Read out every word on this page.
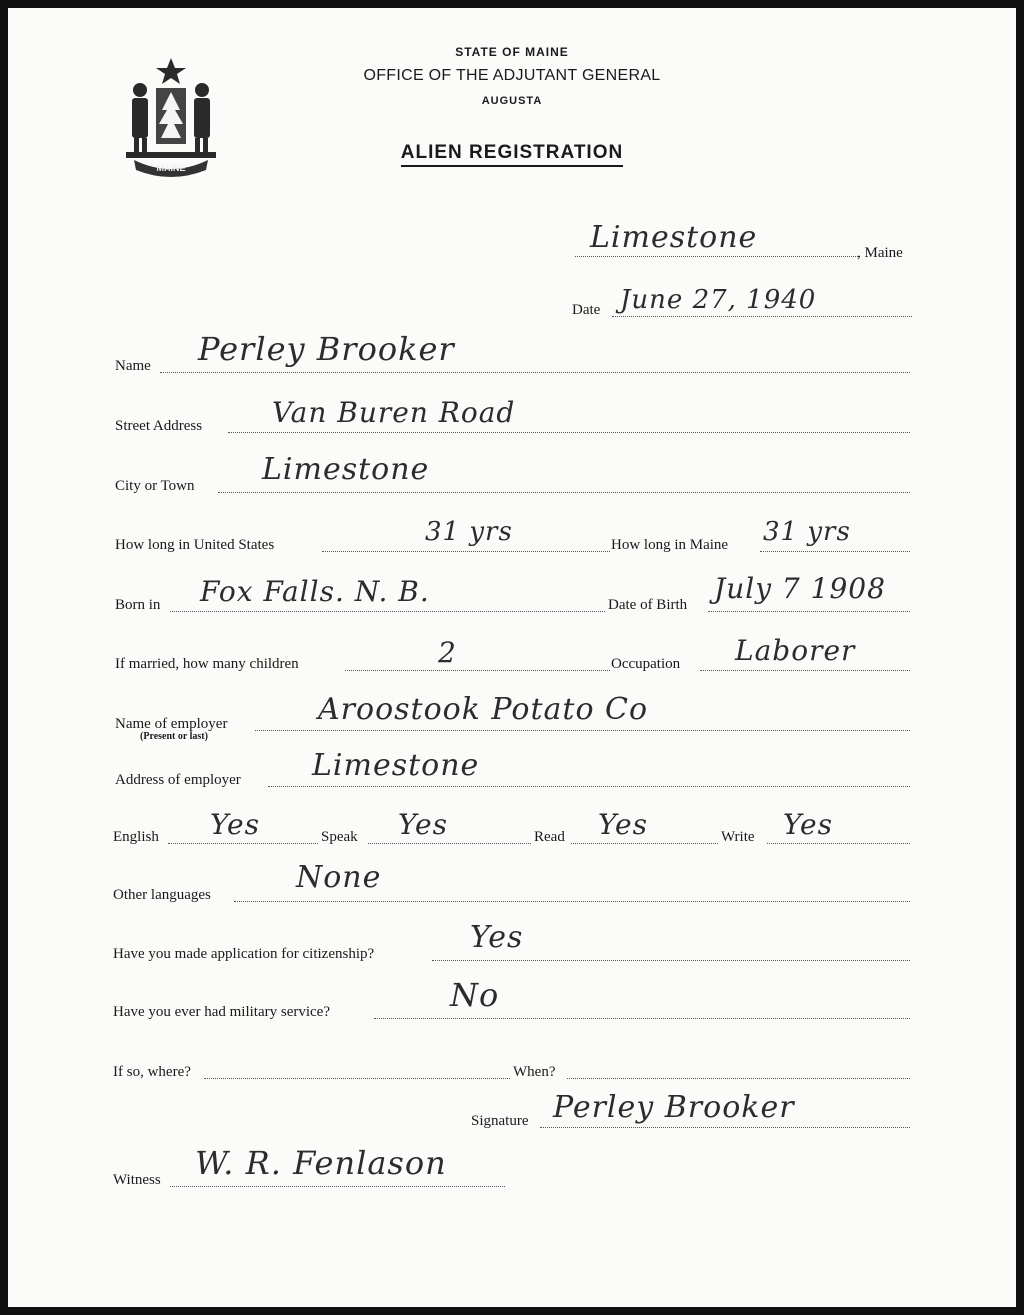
MAINE
STATE OF MAINE
OFFICE OF THE ADJUTANT GENERAL
AUGUSTA
ALIEN REGISTRATION
Limestone	, Maine
Date June 27, 1940
Name Perley Brooker
Street Address Van Buren Road
City or Town Limestone
How long in United States	31 yrs	How long in Maine 31 yrs
Born in Fox Falls. N. B.	Date of Birth July 7 1908
If married, how many children	2	Occupation Laborer
Name of employer
(Present or last)
Aroostook Potato Co
Address of employer Limestone
English Yes	Speak Yes	Read Yes	Write Yes
Other languages	None
Have you made application for citizenship?	Yes
Have you ever had military service?	No
If so, where?	When?
Signature Perley Brooker
Witness W. R. Fenlason
